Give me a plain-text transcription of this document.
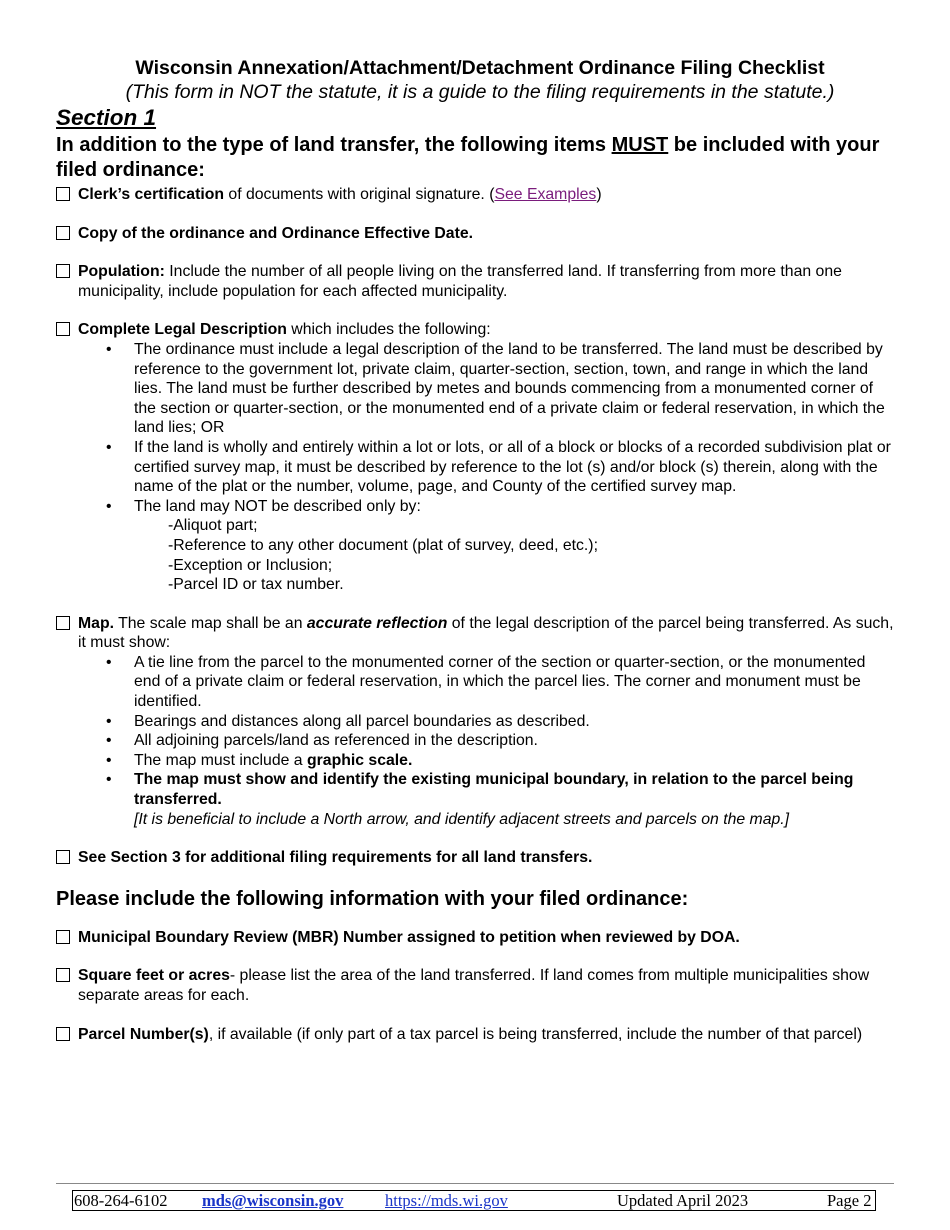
Wisconsin Annexation/Attachment/Detachment Ordinance Filing Checklist
(This form in NOT the statute, it is a guide to the filing requirements in the statute.)
Section 1
In addition to the type of land transfer, the following items MUST be included with your filed ordinance:
Clerk’s certification of documents with original signature. (See Examples)
Copy of the ordinance and Ordinance Effective Date.
Population: Include the number of all people living on the transferred land. If transferring from more than one municipality, include population for each affected municipality.
Complete Legal Description which includes the following:
• The ordinance must include a legal description of the land to be transferred. The land must be described by reference to the government lot, private claim, quarter-section, section, town, and range in which the land lies. The land must be further described by metes and bounds commencing from a monumented corner of the section or quarter-section, or the monumented end of a private claim or federal reservation, in which the land lies; OR
• If the land is wholly and entirely within a lot or lots, or all of a block or blocks of a recorded subdivision plat or certified survey map, it must be described by reference to the lot (s) and/or block (s) therein, along with the name of the plat or the number, volume, page, and County of the certified survey map.
• The land may NOT be described only by:
-Aliquot part;
-Reference to any other document (plat of survey, deed, etc.);
-Exception or Inclusion;
-Parcel ID or tax number.
Map. The scale map shall be an accurate reflection of the legal description of the parcel being transferred. As such, it must show:
• A tie line from the parcel to the monumented corner of the section or quarter-section, or the monumented end of a private claim or federal reservation, in which the parcel lies. The corner and monument must be identified.
• Bearings and distances along all parcel boundaries as described.
• All adjoining parcels/land as referenced in the description.
• The map must include a graphic scale.
• The map must show and identify the existing municipal boundary, in relation to the parcel being transferred.
[It is beneficial to include a North arrow, and identify adjacent streets and parcels on the map.]
See Section 3 for additional filing requirements for all land transfers.
Please include the following information with your filed ordinance:
Municipal Boundary Review (MBR) Number assigned to petition when reviewed by DOA.
Square feet or acres- please list the area of the land transferred. If land comes from multiple municipalities show separate areas for each.
Parcel Number(s), if available (if only part of a tax parcel is being transferred, include the number of that parcel)
608-264-6102 mds@wisconsin.gov	https://mds.wi.gov	Updated April 2023	Page 2
